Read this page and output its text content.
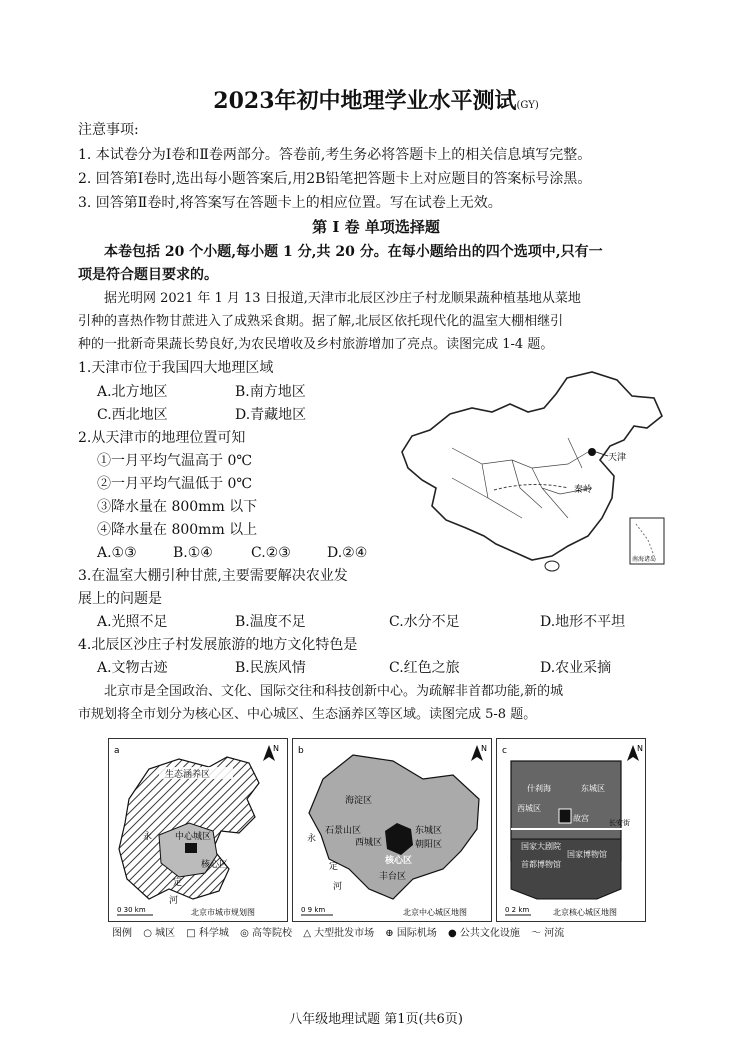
2023年初中地理学业水平测试(GY)
注意事项:
1. 本试卷分为Ⅰ卷和Ⅱ卷两部分。答卷前,考生务必将答题卡上的相关信息填写完整。
2. 回答第Ⅰ卷时,选出每小题答案后,用2B铅笔把答题卡上对应题目的答案标号涂黑。
3. 回答第Ⅱ卷时,将答案写在答题卡上的相应位置。写在试卷上无效。
第 Ⅰ 卷 单项选择题
本卷包括 20 个小题,每小题 1 分,共 20 分。在每小题给出的四个选项中,只有一
项是符合题目要求的。
据光明网 2021 年 1 月 13 日报道,天津市北辰区沙庄子村龙顺果蔬种植基地从菜地
引种的喜热作物甘蔗进入了成熟采食期。据了解,北辰区依托现代化的温室大棚相继引
种的一批新奇果蔬长势良好,为农民增收及乡村旅游增加了亮点。读图完成 1-4 题。
1.天津市位于我国四大地理区域
A.北方地区	B.南方地区
C.西北地区	D.青藏地区
2.从天津市的地理位置可知
①一月平均气温高于 0℃
②一月平均气温低于 0℃
③降水量在 800mm 以下
④降水量在 800mm 以上
A.①③	B.①④	C.②③	D.②④
3.在温室大棚引种甘蔗,主要需要解决农业发
展上的问题是
A.光照不足	B.温度不足	C.水分不足	D.地形不平坦
4.北辰区沙庄子村发展旅游的地方文化特色是
A.文物古迹	B.民族风情	C.红色之旅	D.农业采摘
天津
秦岭
南海诸岛
北京市是全国政治、文化、国际交往和科技创新中心。为疏解非首都功能,新的城
市规划将全市划分为核心区、中心城区、生态涵养区等区域。读图完成 5-8 题。
a	N
生态涵养区
中心城区
核心区
永
定
河
0 30 km	北京市城市规划图
b	N
海淀区
石景山区
西城区
东城区
朝阳区
丰台区
核心区
永
定
河
0 9 km	北京中心城区地图
c	N
什刹海
西城区
东城区
故宫	长安街
国家大剧院
国家博物馆
首都博物馆
0 2 km	北京核心城区地图
图例 ○ 城区 □ 科学城 ◎ 高等院校 △ 大型批发市场 ⊕ 国际机场 ● 公共文化设施 〜 河流
八年级地理试题 第1页(共6页)
